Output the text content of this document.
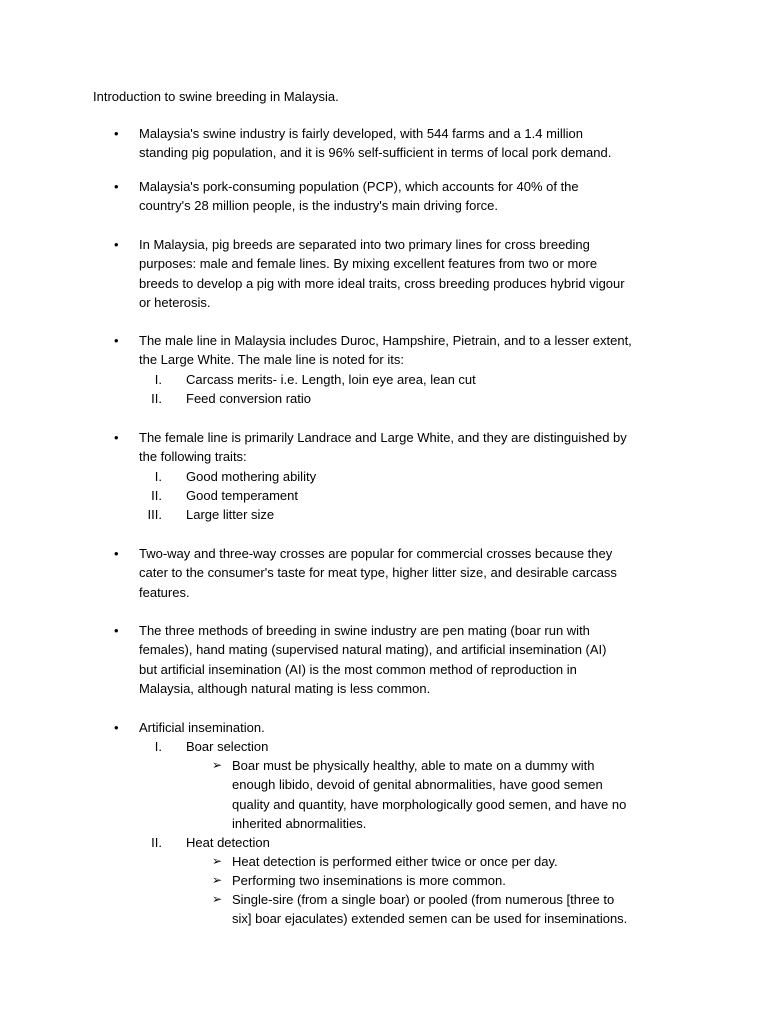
Introduction to swine breeding in Malaysia.
•	Malaysia's swine industry is fairly developed, with 544 farms and a 1.4 million
standing pig population, and it is 96% self-sufficient in terms of local pork demand.
•	Malaysia's pork-consuming population (PCP), which accounts for 40% of the
country's 28 million people, is the industry's main driving force.
•	In Malaysia, pig breeds are separated into two primary lines for cross breeding
purposes: male and female lines. By mixing excellent features from two or more
breeds to develop a pig with more ideal traits, cross breeding produces hybrid vigour
or heterosis.
•	The male line in Malaysia includes Duroc, Hampshire, Pietrain, and to a lesser extent,
the Large White. The male line is noted for its:
I. Carcass merits- i.e. Length, loin eye area, lean cut
II. Feed conversion ratio
•	The female line is primarily Landrace and Large White, and they are distinguished by
the following traits:
I. Good mothering ability
II. Good temperament
III. Large litter size
•	Two-way and three-way crosses are popular for commercial crosses because they
cater to the consumer's taste for meat type, higher litter size, and desirable carcass
features.
•	The three methods of breeding in swine industry are pen mating (boar run with
females), hand mating (supervised natural mating), and artificial insemination (AI)
but artificial insemination (AI) is the most common method of reproduction in
Malaysia, although natural mating is less common.
•	Artificial insemination.
I. Boar selection
➢ Boar must be physically healthy, able to mate on a dummy with
enough libido, devoid of genital abnormalities, have good semen
quality and quantity, have morphologically good semen, and have no
inherited abnormalities.
II. Heat detection
➢ Heat detection is performed either twice or once per day.
➢ Performing two inseminations is more common.
➢ Single-sire (from a single boar) or pooled (from numerous [three to
six] boar ejaculates) extended semen can be used for inseminations.
